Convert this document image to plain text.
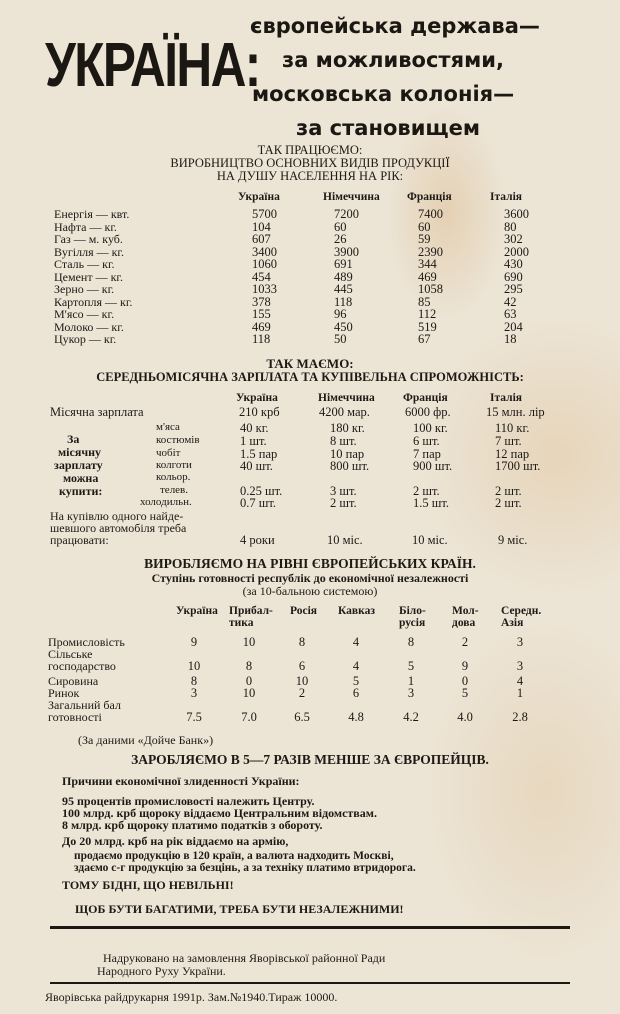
УКРАЇНА:
європейська держава—
за можливостями,
московська колонія—
за становищем
ТАК ПРАЦЮЄМО:
ВИРОБНИЦТВО ОСНОВНИХ ВИДІВ ПРОДУКЦІЇ
НА ДУШУ НАСЕЛЕННЯ НА РІК:
Україна	Німеччина Франція	Італія
Енергія — квт.	5700	7200	7400	3600
Нафта — кг.	104	60	60	80
Газ — м. куб.	607	26	59	302
Вугілля — кг.	3400	3900	2390	2000
Сталь — кг.	1060	691	344	430
Цемент — кг.	454	489	469	690
Зерно — кг.	1033	445	1058	295
Картопля — кг.	378	118	85	42
М'ясо — кг.	155	96	112	63
Молоко — кг.	469	450	519	204
Цукор — кг.	118	50	67	18
ТАК МАЄМО:
СЕРЕДНЬОМІСЯЧНА ЗАРПЛАТА ТА КУПІВЕЛЬНА СПРОМОЖНІСТЬ:
Україна	Німеччина Франція	Італія
Місячна зарплата	210 крб	4200 мар.	6000 фр.	15 млн. лір
За
місячну
зарплату
можна
купити:
м'яса	40 кг.	180 кг.	100 кг.	110 кг.
костюмів	1 шт.	8 шт.	6 шт.	7 шт.
чобіт	1.5 пар	10 пар	7 пар	12 пар
колготи	40 шт.	800 шт.	900 шт.	1700 шт.
кольор.
телев.	0.25 шт.	3 шт.	2 шт.	2 шт.
холодильн.	0.7 шт.	2 шт.	1.5 шт.	2 шт.
На купівлю одного найде-
шевшого автомобіля треба
працювати:	4 роки	10 міс.	10 міс.	9 міс.
ВИРОБЛЯЄМО НА РІВНІ ЄВРОПЕЙСЬКИХ КРАЇН.
Ступінь готовності республік до економічної незалежності
(за 10-бальною системою)
Україна Прибал-
тика
Росія Кавказ Біло-
русія
Мол-
дова
Середн.
Азія
Промисловість	9	10	8	4	8	2	3
Сільське
господарство	10	8	6	4	5	9	3
Сировина	8	0	10	5	1	0	4
Ринок	3	10	2	6	3	5	1
Загальний бал
готовності	7.5	7.0	6.5	4.8	4.2	4.0	2.8
(За даними «Дойче Банк»)
ЗАРОБЛЯЄМО В 5—7 РАЗІВ МЕНШЕ ЗА ЄВРОПЕЙЦІВ.
Причини економічної злиденності України:
95 процентів промисловості належить Центру.
100 млрд. крб щороку віддаємо Центральним відомствам.
8 млрд. крб щороку платимо податків з обороту.
До 20 млрд. крб на рік віддаємо на армію,
продаємо продукцію в 120 країн, а валюта надходить Москві,
здаємо с-г продукцію за безцінь, а за техніку платимо втридорога.
ТОМУ БІДНІ, ЩО НЕВІЛЬНІ!
ЩОБ БУТИ БАГАТИМИ, ТРЕБА БУТИ НЕЗАЛЕЖНИМИ!
Надруковано на замовлення Яворівської районної Ради
Народного Руху України.
Яворівська райдрукарня 1991р. Зам.№1940.Тираж 10000.
